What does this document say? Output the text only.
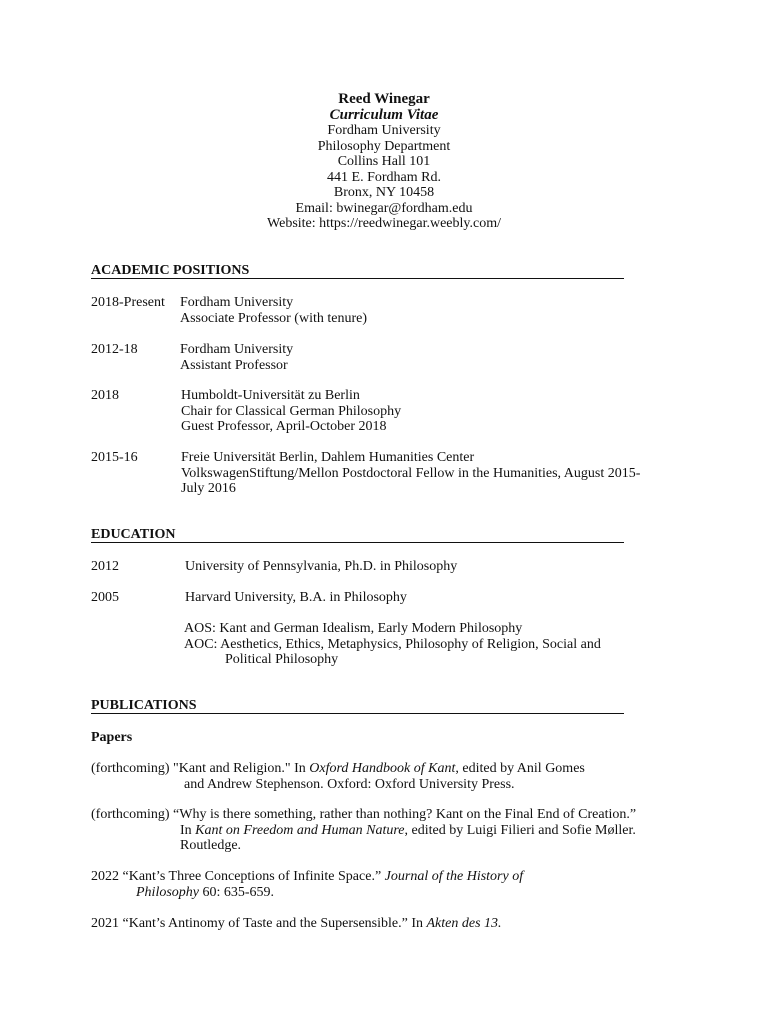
Reed Winegar
Curriculum Vitae
Fordham University
Philosophy Department
Collins Hall 101
441 E. Fordham Rd.
Bronx, NY 10458
Email: bwinegar@fordham.edu
Website: https://reedwinegar.weebly.com/
ACADEMIC POSITIONS
2018-Present Fordham University
Associate Professor (with tenure)
2012-18	Fordham University
Assistant Professor
2018	Humboldt-Universität zu Berlin
Chair for Classical German Philosophy
Guest Professor, April-October 2018
2015-16	Freie Universität Berlin, Dahlem Humanities Center
VolkswagenStiftung/Mellon Postdoctoral Fellow in the Humanities, August 2015-
July 2016
EDUCATION
2012	University of Pennsylvania, Ph.D. in Philosophy
2005	Harvard University, B.A. in Philosophy
AOS: Kant and German Idealism, Early Modern Philosophy
AOC: Aesthetics, Ethics, Metaphysics, Philosophy of Religion, Social and
Political Philosophy
PUBLICATIONS
Papers
(forthcoming) "Kant and Religion." In Oxford Handbook of Kant, edited by Anil Gomes
and Andrew Stephenson. Oxford: Oxford University Press.
(forthcoming) “Why is there something, rather than nothing? Kant on the Final End of Creation.”
In Kant on Freedom and Human Nature, edited by Luigi Filieri and Sofie Møller.
Routledge.
2022 “Kant’s Three Conceptions of Infinite Space.” Journal of the History of
Philosophy 60: 635-659.
2021 “Kant’s Antinomy of Taste and the Supersensible.” In Akten des 13.
